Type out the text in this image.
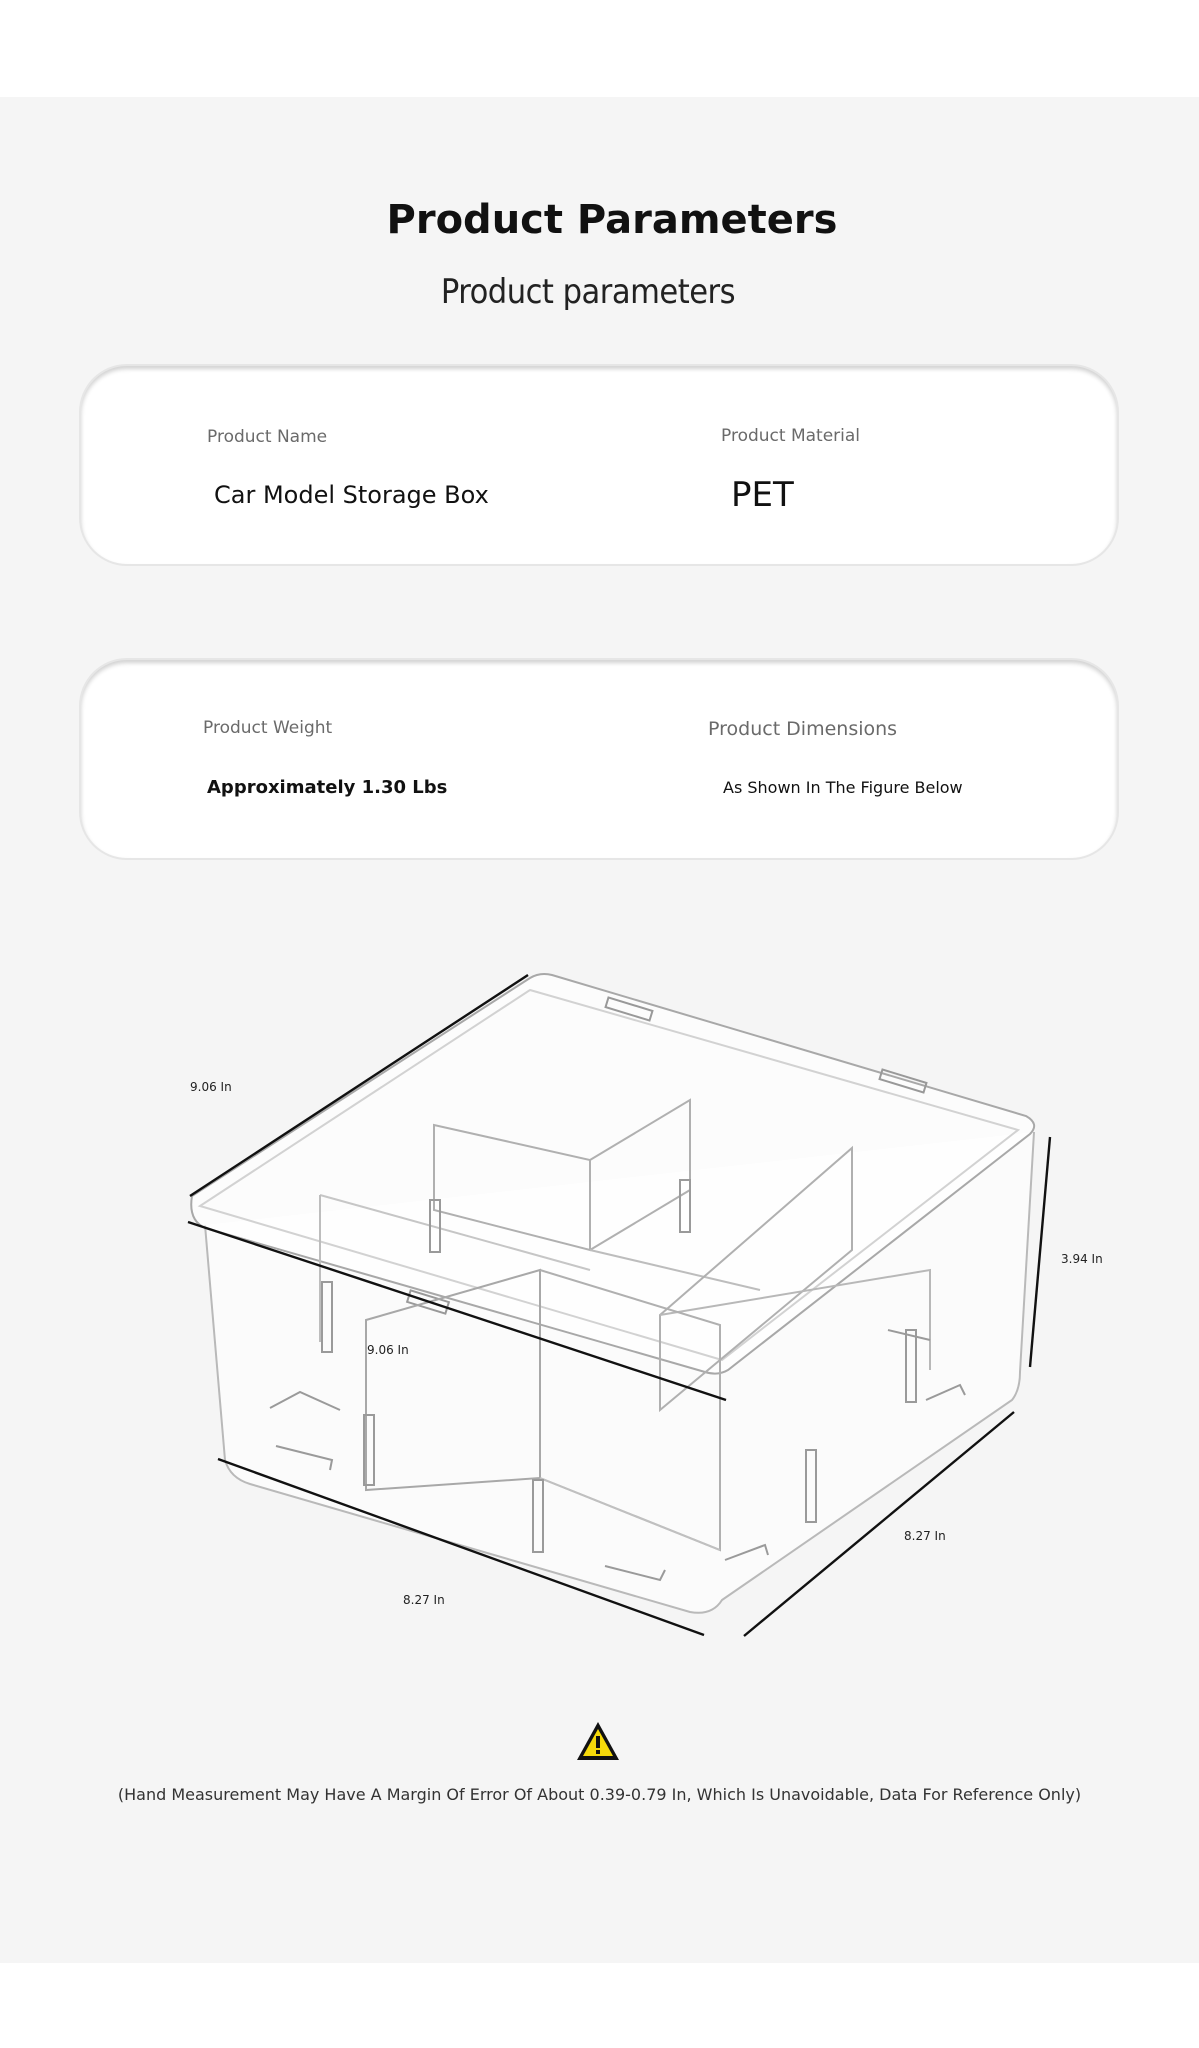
Product Parameters
Product parameters
Product Name
Car Model Storage Box
Product Material
PET
Product Weight
Approximately 1.30 Lbs
Product Dimensions
As Shown In The Figure Below
9.06 In
9.06 In
3.94 In
8.27 In
8.27 In
(Hand Measurement May Have A Margin Of Error Of About 0.39-0.79 In, Which Is Unavoidable, Data For Reference Only)
